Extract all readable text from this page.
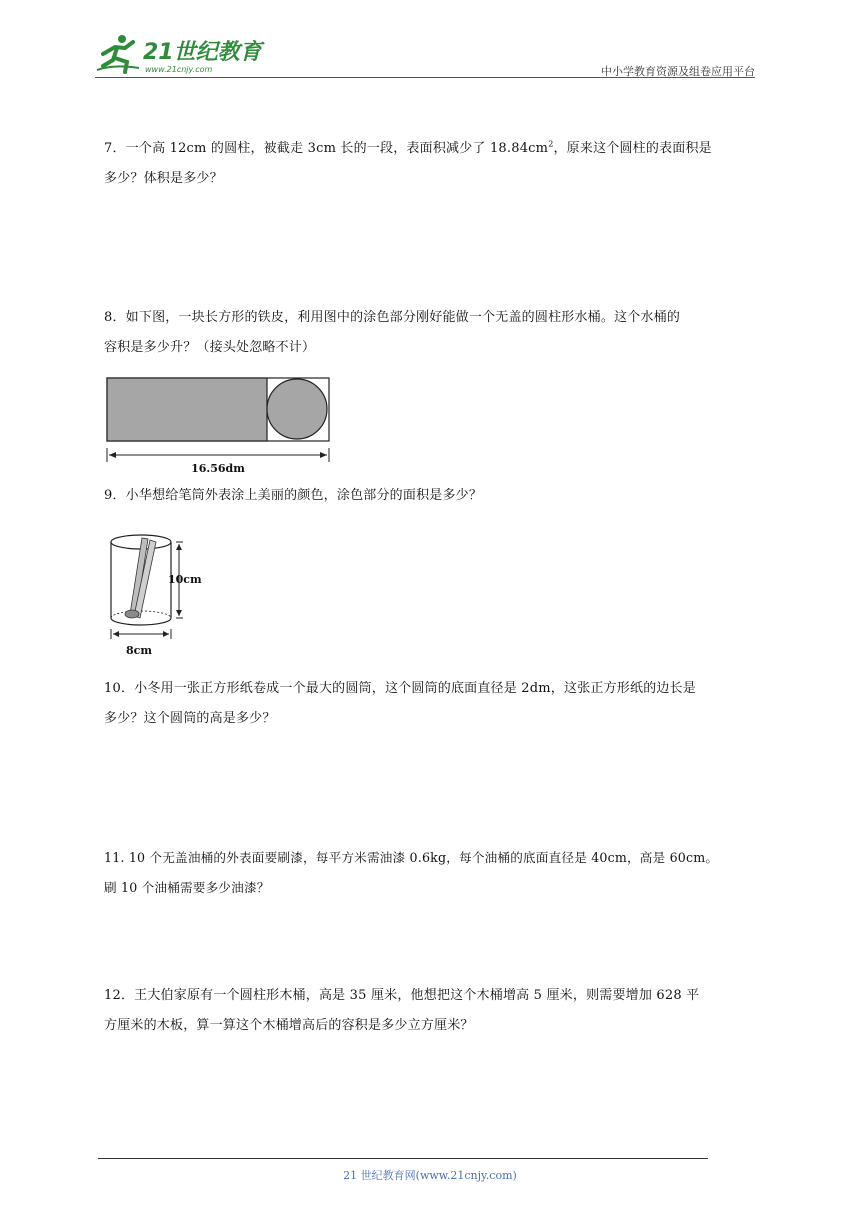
21世纪教育
www.21cnjy.com	中小学教育资源及组卷应用平台

7．一个高 12cm 的圆柱，被截走 3cm 长的一段，表面积减少了 $18.84cm^2$，原来这个圆柱的表面积是

多少？体积是多少？

8．如下图，一块长方形的铁皮，利用图中的涂色部分刚好能做一个无盖的圆柱形水桶。这个水桶的

容积是多少升？（接头处忽略不计）

16.56dm

9．小华想给笔筒外表涂上美丽的颜色，涂色部分的面积是多少？

10cm
8cm

10．小冬用一张正方形纸卷成一个最大的圆筒，这个圆筒的底面直径是 2dm，这张正方形纸的边长是

多少？这个圆筒的高是多少？

11. 10 个无盖油桶的外表面要刷漆，每平方米需油漆 0.6kg，每个油桶的底面直径是 40cm，高是 60cm。

刷 10 个油桶需要多少油漆？

12．王大伯家原有一个圆柱形木桶，高是 35 厘米，他想把这个木桶增高 5 厘米，则需要增加 628 平

方厘米的木板，算一算这个木桶增高后的容积是多少立方厘米？

21 世纪教育网(www.21cnjy.com)
